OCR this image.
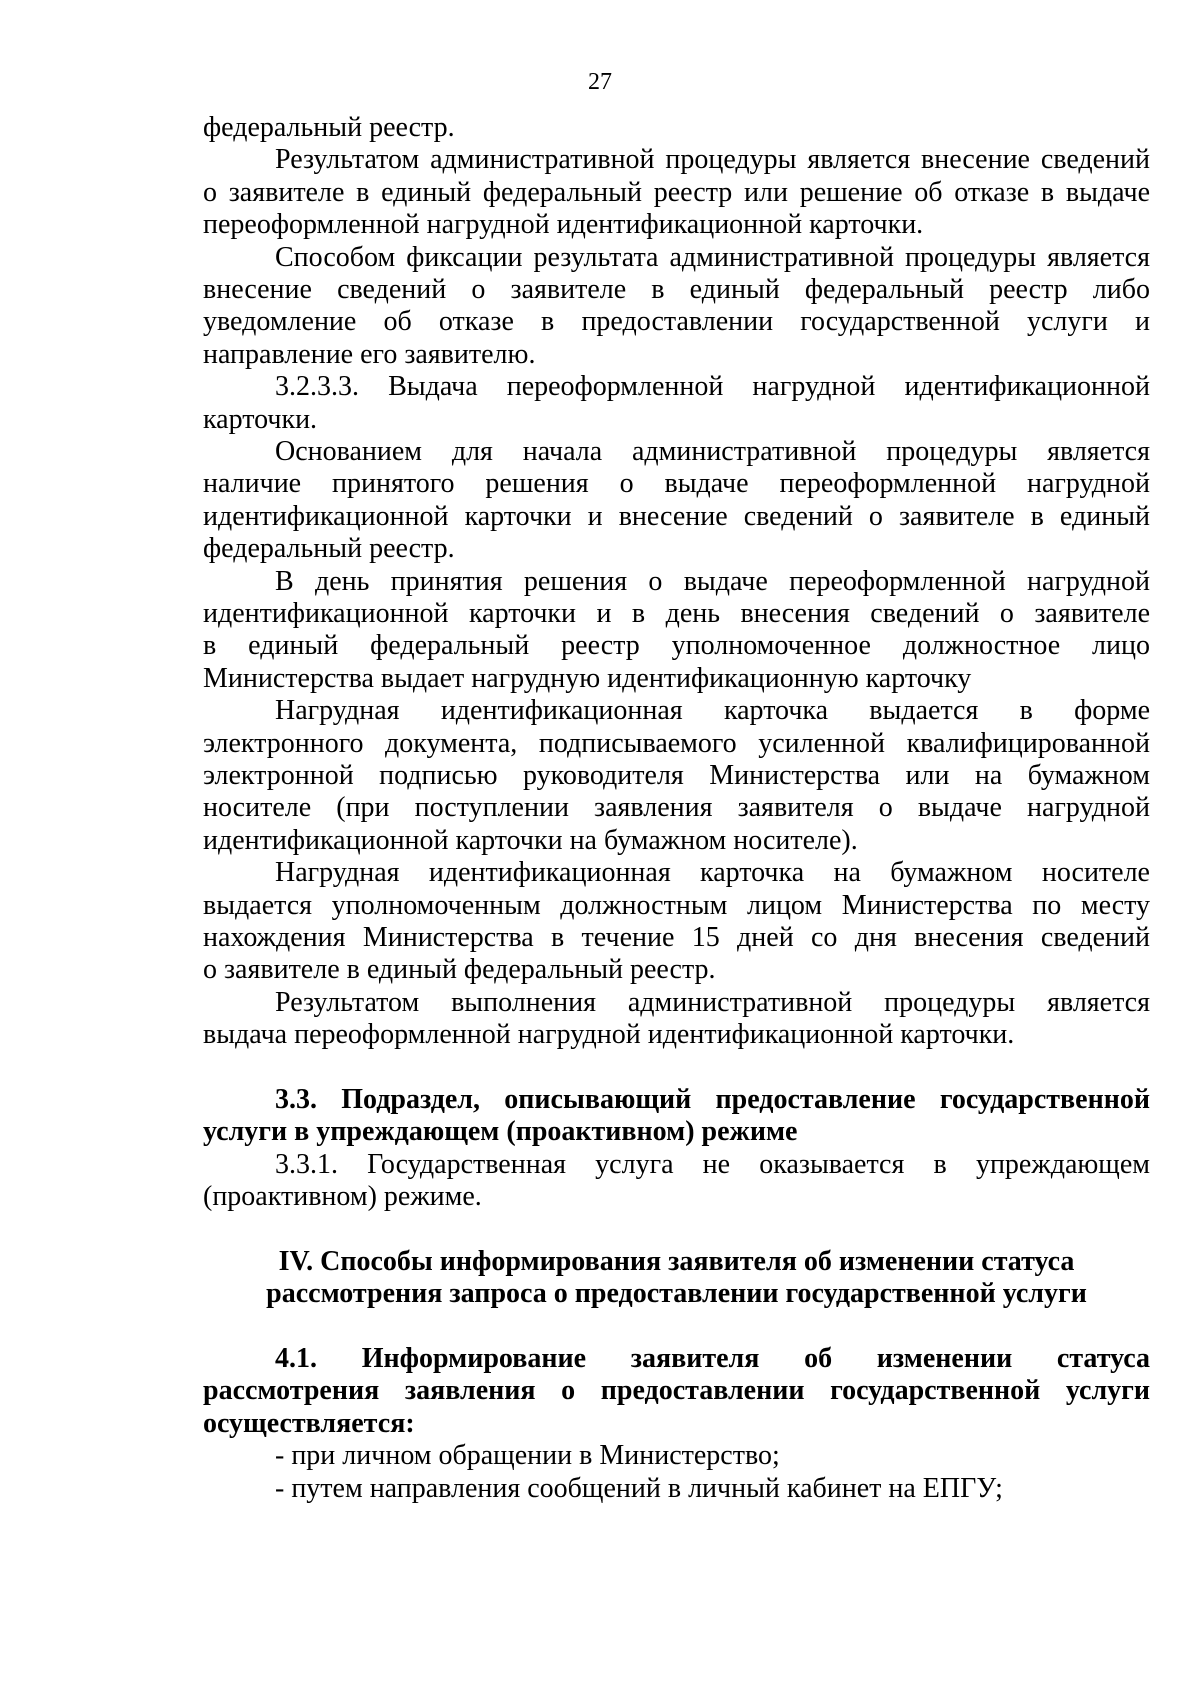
27
федеральный реестр.
Результатом административной процедуры является внесение сведений
о заявителе в единый федеральный реестр или решение об отказе в выдаче
переоформленной нагрудной идентификационной карточки.
Способом фиксации результата административной процедуры является
внесение сведений о заявителе в единый федеральный реестр либо
уведомление об отказе в предоставлении государственной услуги и
направление его заявителю.
3.2.3.3. Выдача переоформленной нагрудной идентификационной
карточки.
Основанием для начала административной процедуры является
наличие принятого решения о выдаче переоформленной нагрудной
идентификационной карточки и внесение сведений о заявителе в единый
федеральный реестр.
В день принятия решения о выдаче переоформленной нагрудной
идентификационной карточки и в день внесения сведений о заявителе
в единый федеральный реестр уполномоченное должностное лицо
Министерства выдает нагрудную идентификационную карточку
Нагрудная идентификационная карточка выдается в форме
электронного документа, подписываемого усиленной квалифицированной
электронной подписью руководителя Министерства или на бумажном
носителе (при поступлении заявления заявителя о выдаче нагрудной
идентификационной карточки на бумажном носителе).
Нагрудная идентификационная карточка на бумажном носителе
выдается уполномоченным должностным лицом Министерства по месту
нахождения Министерства в течение 15 дней со дня внесения сведений
о заявителе в единый федеральный реестр.
Результатом выполнения административной процедуры является
выдача переоформленной нагрудной идентификационной карточки.
3.3. Подраздел, описывающий предоставление государственной
услуги в упреждающем (проактивном) режиме
3.3.1. Государственная услуга не оказывается в упреждающем
(проактивном) режиме.
IV. Способы информирования заявителя об изменении статуса
рассмотрения запроса о предоставлении государственной услуги
4.1. Информирование заявителя об изменении статуса
рассмотрения заявления о предоставлении государственной услуги
осуществляется:
- при личном обращении в Министерство;
- путем направления сообщений в личный кабинет на ЕПГУ;
